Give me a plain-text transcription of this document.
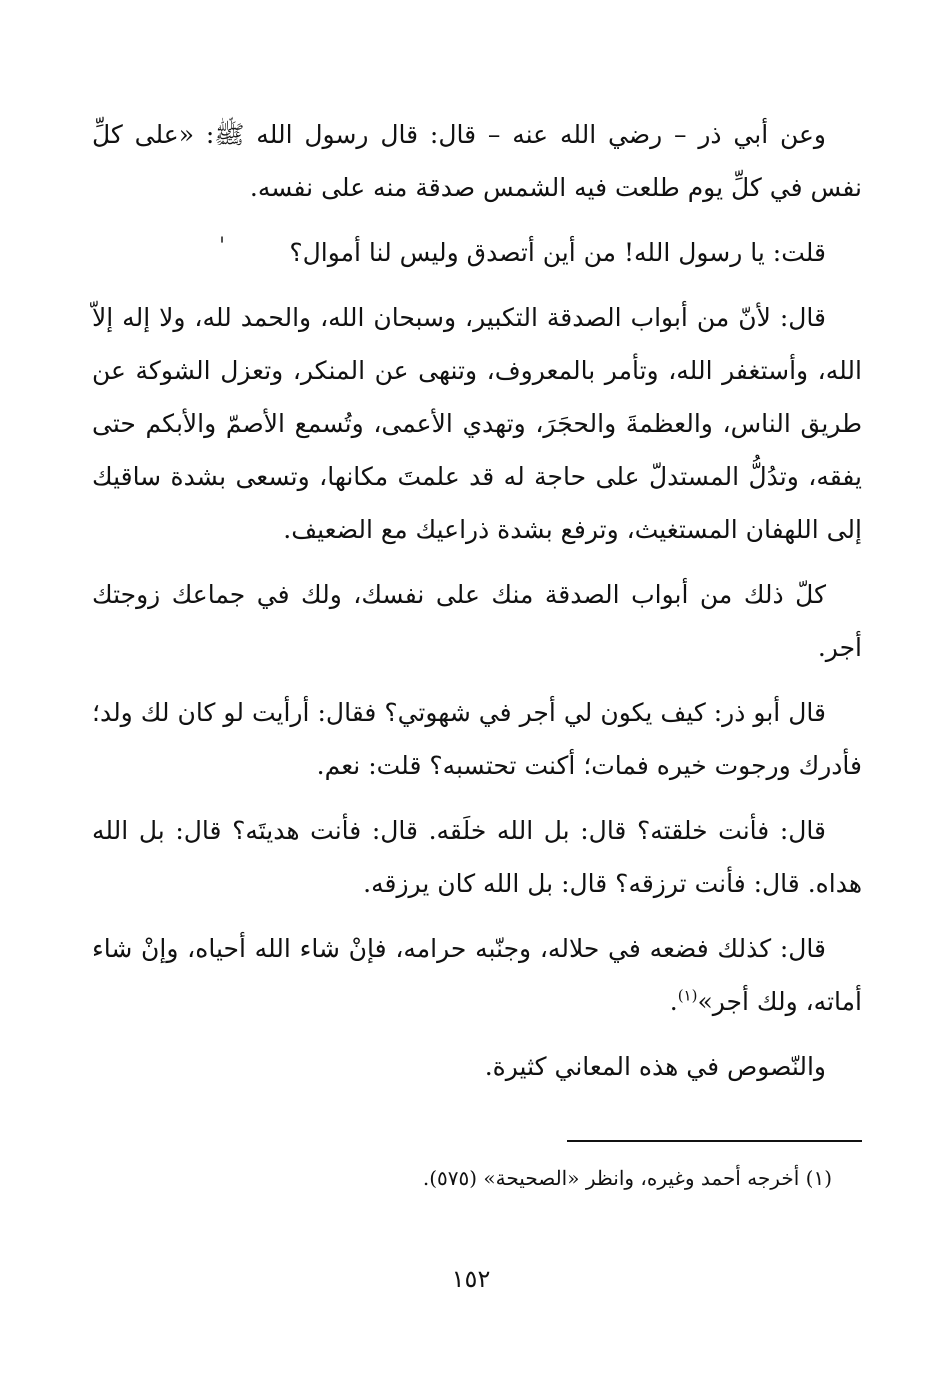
'

وعن أبي ذر – رضي الله عنه – قال: قال رسول الله ﷺ: «على كلِّ نفس في كلِّ يوم طلعت فيه الشمس صدقة منه على نفسه.

قلت: يا رسول الله! من أين أتصدق وليس لنا أموال؟

قال: لأنّ من أبواب الصدقة التكبير، وسبحان الله، والحمد لله، ولا إله إلاّ الله، وأستغفر الله، وتأمر بالمعروف، وتنهى عن المنكر، وتعزل الشوكة عن طريق الناس، والعظمةَ والحجَرَ، وتهدي الأعمى، وتُسمع الأصمّ والأبكم حتى يفقه، وتدُلُّ المستدلّ على حاجة له قد علمتَ مكانها، وتسعى بشدة ساقيك إلى اللهفان المستغيث، وترفع بشدة ذراعيك مع الضعيف.

كلّ ذلك من أبواب الصدقة منك على نفسك، ولك في جماعك زوجتك أجر.

قال أبو ذر: كيف يكون لي أجر في شهوتي؟ فقال: أرأيت لو كان لك ولد؛ فأدرك ورجوت خيره فمات؛ أكنت تحتسبه؟ قلت: نعم.

قال: فأنت خلقته؟ قال: بل الله خلَقه. قال: فأنت هديتَه؟ قال: بل الله هداه. قال: فأنت ترزقه؟ قال: بل الله كان يرزقه.

قال: كذلك فضعه في حلاله، وجنّبه حرامه، فإنْ شاء الله أحياه، وإنْ شاء أماته، ولك أجر»$^{(١)}$.

والنّصوص في هذه المعاني كثيرة.

(١) أخرجه أحمد وغيره، وانظر «الصحيحة» (٥٧٥).
١٥٢
